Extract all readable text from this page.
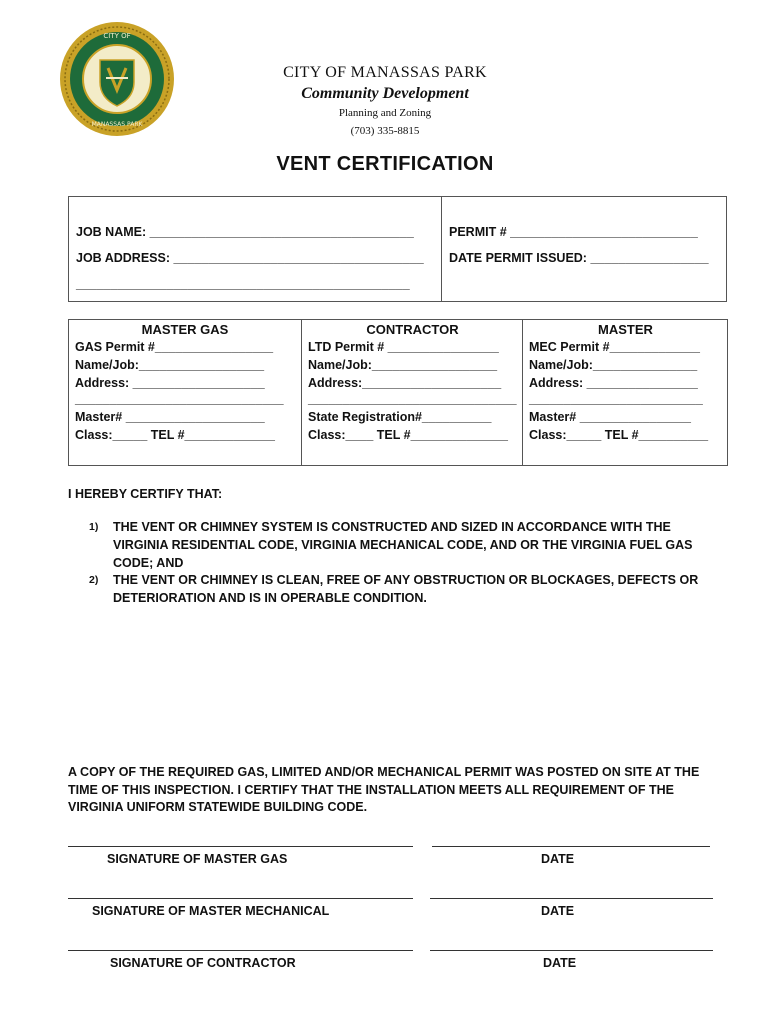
CITY OF
MANASSAS PARK
CITY OF MANASSAS PARK
Community Development
Planning and Zoning
(703) 335-8815
VENT CERTIFICATION
JOB NAME: ______________________________________
JOB ADDRESS: ____________________________________
________________________________________________
PERMIT # ___________________________
DATE PERMIT ISSUED: _________________
MASTER GAS
GAS Permit #_________________
Name/Job:__________________
Address: ___________________
______________________________
Master# ____________________
Class:_____ TEL #_____________
CONTRACTOR
LTD Permit # ________________
Name/Job:__________________
Address:____________________
______________________________
State Registration#__________
Class:____ TEL #______________
MASTER
MEC Permit #_____________
Name/Job:_______________
Address: ________________
_________________________
Master# ________________
Class:_____ TEL #__________
I HEREBY CERTIFY THAT:
1) THE VENT OR CHIMNEY SYSTEM IS CONSTRUCTED AND SIZED IN ACCORDANCE WITH THE VIRGINIA RESIDENTIAL CODE, VIRGINIA MECHANICAL CODE, AND OR THE VIRGINIA FUEL GAS CODE; AND
2) THE VENT OR CHIMNEY IS CLEAN, FREE OF ANY OBSTRUCTION OR BLOCKAGES, DEFECTS OR DETERIORATION AND IS IN OPERABLE CONDITION.
A COPY OF THE REQUIRED GAS, LIMITED AND/OR MECHANICAL PERMIT WAS POSTED ON SITE AT THE TIME OF THIS INSPECTION. I CERTIFY THAT THE INSTALLATION MEETS ALL REQUIREMENT OF THE VIRGINIA UNIFORM STATEWIDE BUILDING CODE.
SIGNATURE OF MASTER GAS	DATE
SIGNATURE OF MASTER MECHANICAL	DATE
SIGNATURE OF CONTRACTOR	DATE
